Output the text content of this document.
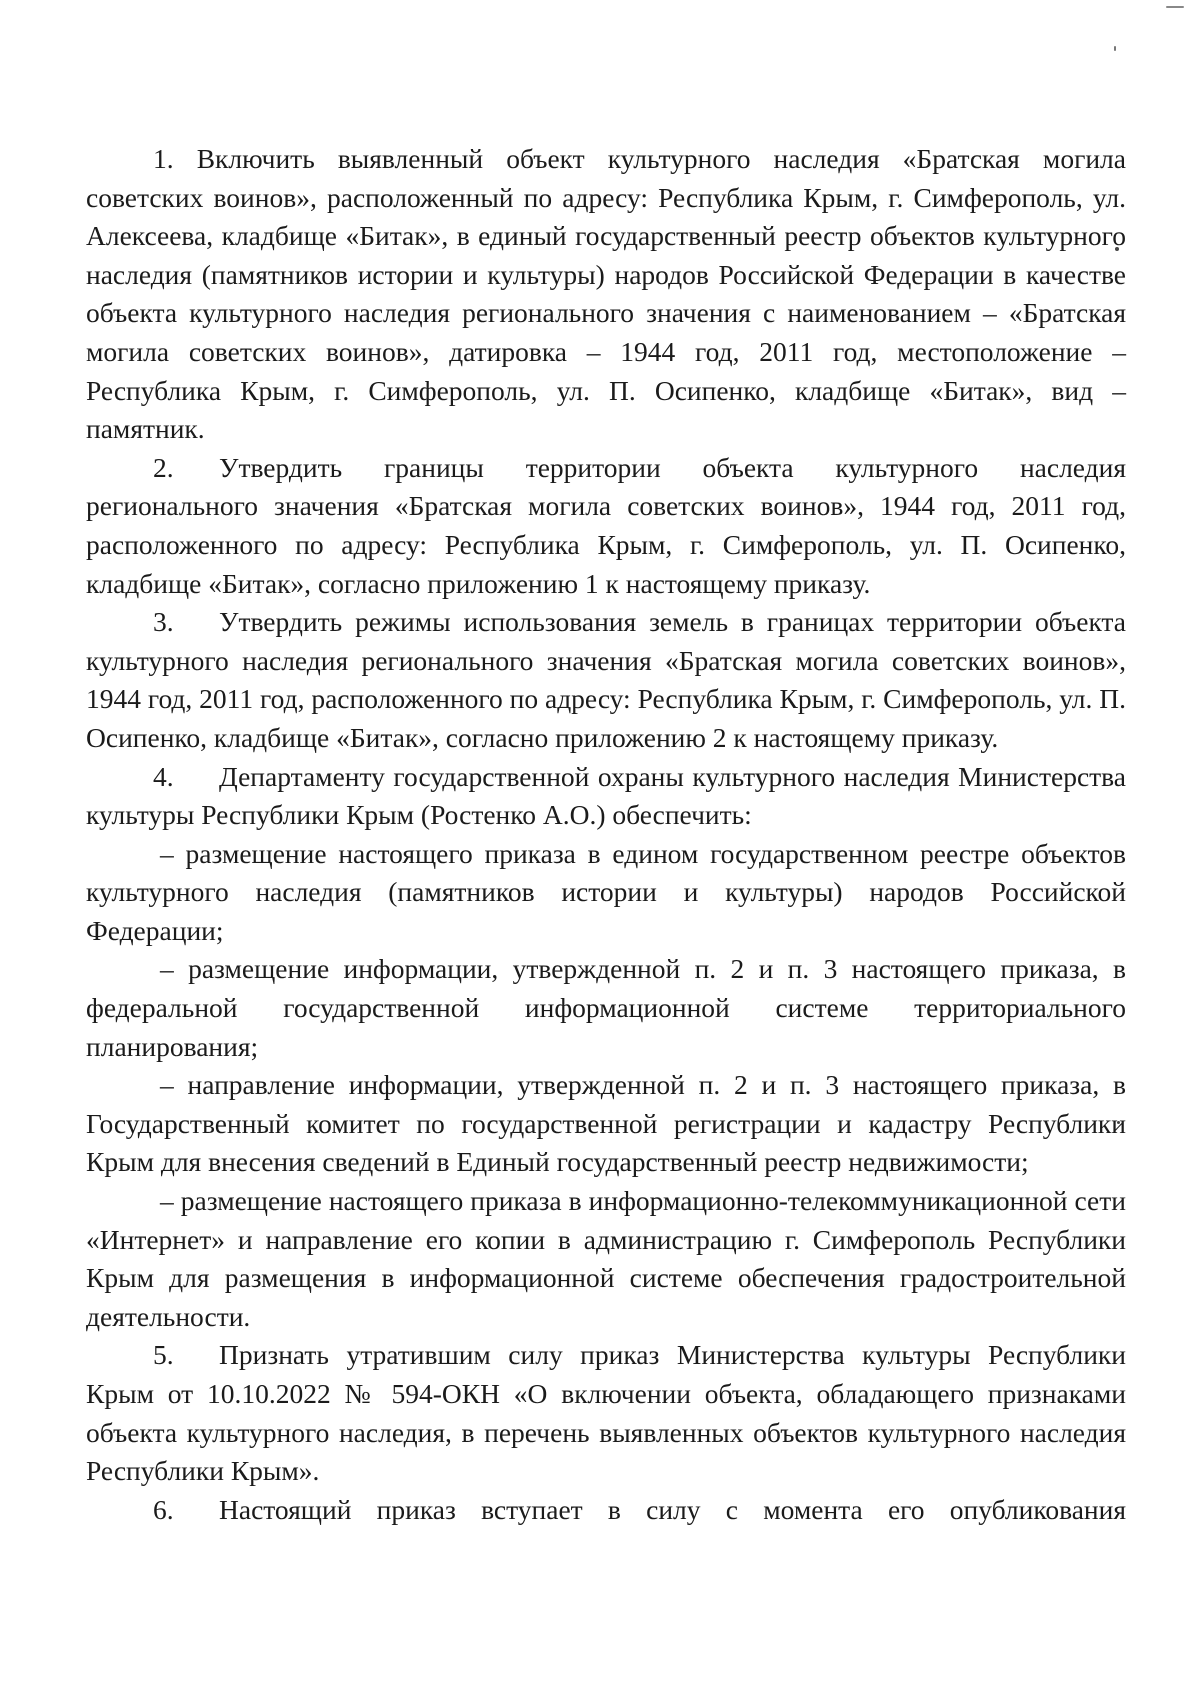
1. Включить выявленный объект культурного наследия «Братская могила советских воинов», расположенный по адресу: Республика Крым, г. Симферополь, ул. Алексеева, кладбище «Битак», в единый государственный реестр объектов культурного наследия (памятников истории и культуры) народов Российской Федерации в качестве объекта культурного наследия регионального значения с наименованием – «Братская могила советских воинов», датировка – 1944 год, 2011 год, местоположение – Республика Крым, г. Симферополь, ул. П. Осипенко, кладбище «Битак», вид – памятник.

2. Утвердить границы территории объекта культурного наследия регионального значения «Братская могила советских воинов», 1944 год, 2011 год, расположенного по адресу: Республика Крым, г. Симферополь, ул. П. Осипенко, кладбище «Битак», согласно приложению 1 к настоящему приказу.

3. Утвердить режимы использования земель в границах территории объекта культурного наследия регионального значения «Братская могила советских воинов», 1944 год, 2011 год, расположенного по адресу: Республика Крым, г. Симферополь, ул. П. Осипенко, кладбище «Битак», согласно приложению 2 к настоящему приказу.

4. Департаменту государственной охраны культурного наследия Министерства культуры Республики Крым (Ростенко А.О.) обеспечить:

– размещение настоящего приказа в едином государственном реестре объектов культурного наследия (памятников истории и культуры) народов Российской Федерации;

– размещение информации, утвержденной п. 2 и п. 3 настоящего приказа, в федеральной государственной информационной системе территориального планирования;

– направление информации, утвержденной п. 2 и п. 3 настоящего приказа, в Государственный комитет по государственной регистрации и кадастру Республики Крым для внесения сведений в Единый государственный реестр недвижимости;

– размещение настоящего приказа в информационно-телекоммуникационной сети «Интернет» и направление его копии в администрацию г. Симферополь Республики Крым для размещения в информационной системе обеспечения градостроительной деятельности.

5. Признать утратившим силу приказ Министерства культуры Республики Крым от 10.10.2022 № 594-ОКН «О включении объекта, обладающего признаками объекта культурного наследия, в перечень выявленных объектов культурного наследия Республики Крым».

6. Настоящий приказ вступает в силу с момента его опубликования
